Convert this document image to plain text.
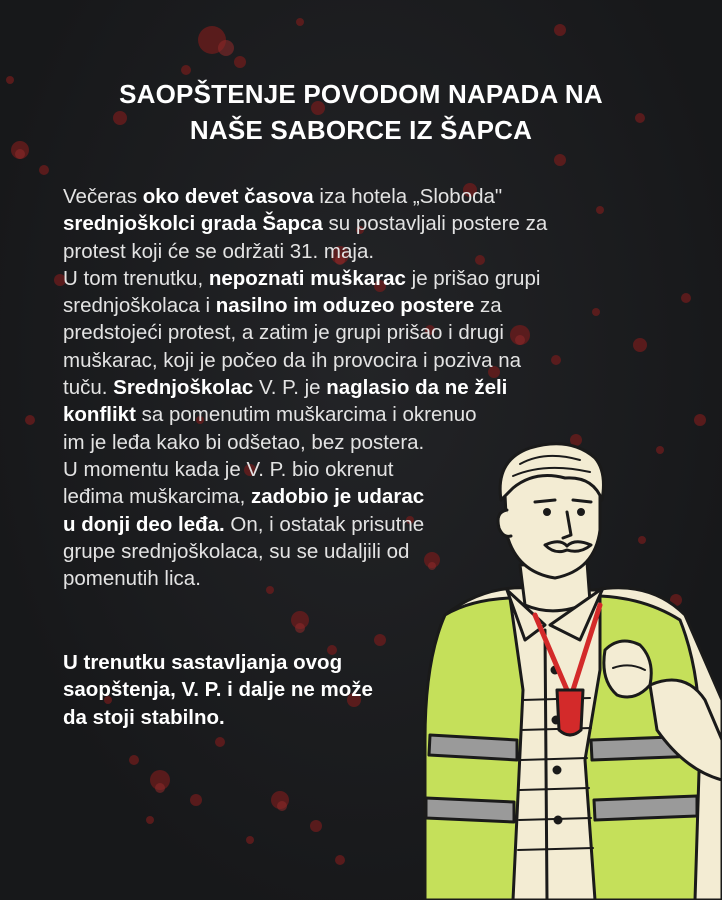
SAOPŠTENJE POVODOM NAPADA NA
NAŠE SABORCE IZ ŠAPCA
Večeras oko devet časova iza hotela „Sloboda"
srednjoškolci grada Šapca su postavljali postere za
protest koji će se održati 31. maja.
U tom trenutku, nepoznati muškarac je prišao grupi
srednjoškolaca i nasilno im oduzeo postere za
predstojeći protest, a zatim je grupi prišao i drugi
muškarac, koji je počeo da ih provocira i poziva na
tuču. Srednjoškolac V. P. je naglasio da ne želi
konflikt sa pomenutim muškarcima i okrenuo
im je leđa kako bi odšetao, bez postera.
U momentu kada je V. P. bio okrenut
leđima muškarcima, zadobio je udarac
u donji deo leđa. On, i ostatak prisutne
grupe srednjoškolaca, su se udaljili od
pomenutih lica.
U trenutku sastavljanja ovog
saopštenja, V. P. i dalje ne može
da stoji stabilno.
